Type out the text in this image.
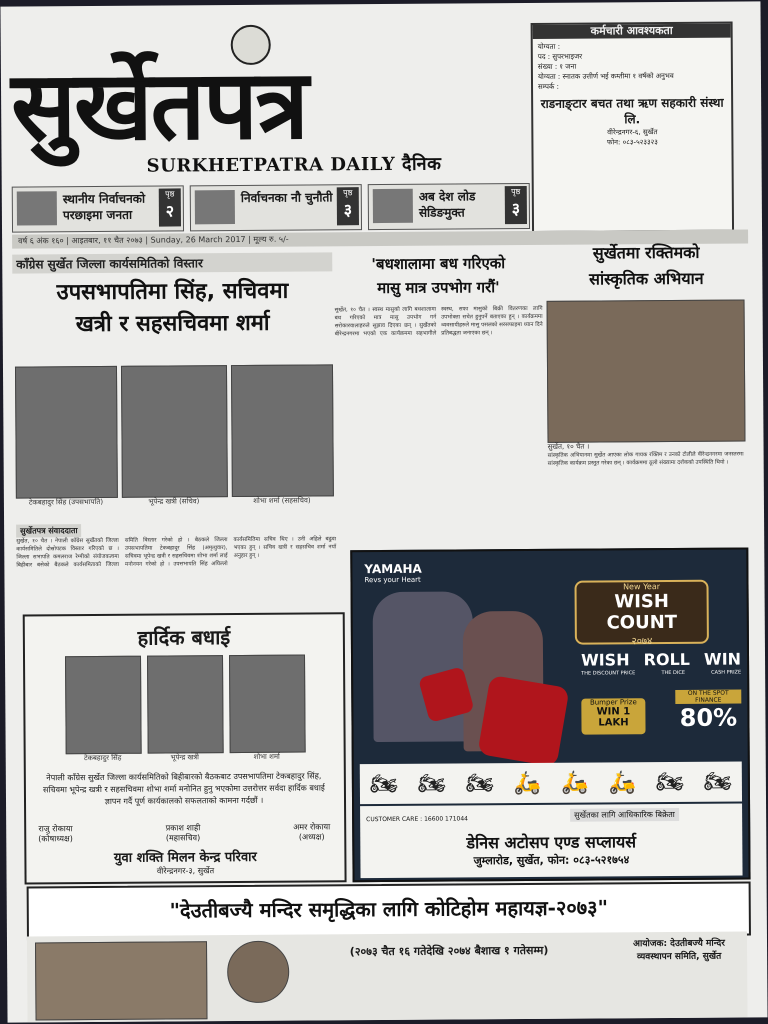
सुर्खेतपत्र
SURKHETPATRA DAILY दैनिक
कर्मचारी आवश्यकता
योग्यता :
पद : सुपरभाइजर
संख्या : १ जना
योग्यता : स्नातक उत्तीर्ण भई कम्तीमा १ वर्षको अनुभव
सम्पर्क :
राडनाङ्टार बचत तथा ऋण सहकारी संस्था लि.
वीरेन्द्रनगर-६, सुर्खेत
फोन: ०८३-५२३३२३
स्थानीय निर्वाचनको परछाइमा जनता
पृष्ठ
२
निर्वाचनका नौ चुनौती	पृष्ठ
३
अब देश लोड सेडिङमुक्त
पृष्ठ
३
वर्ष ६ अंक १६० | आइतबार, ११ चैत २०७३ | Sunday, 26 March 2017 | मूल्य रु. ५/-
काँग्रेस सुर्खेत जिल्ला कार्यसमितिको विस्तार
उपसभापतिमा सिंह, सचिवमा
खत्री र सहसचिवमा शर्मा
टेकबहादुर सिंह (उपसभापति)	भूपेन्द्र खत्री (सचिव)	शोभा शर्मा (सहसचिव)
सुर्खेतपत्र संवाददाता
सुर्खेत, १० चैत । नेपाली काँग्रेस सुर्खेतको जिल्ला कार्यसमितिले दोस्रोपटक विस्तार गरिएको छ । जिल्ला सभापति कमलराज रेग्मीको संयोजकत्वमा बिहीबार बसेको बैठकले कार्यसमिताको जिल्ला समिति विस्तार गरेको हो । बैठकले जिल्ला उपसभापतिमा टेकबहादुर सिंह (अमृत्युवार), सचिवमा भूपेन्द्र खत्री र सहसचिवमा शोभा शर्मा लाई मनोनयन गरेको हो । उपसभापति सिंह अघिल्लो कार्यसमितिमा सचिव थिए । उनी अहिले बढुवा भएका हुन् । सचिव खत्री र सहसचिव शर्मा नयाँ अनुहार हुन् ।
'बधशालामा बध गरिएको
मासु मात्र उपभोग गरौं'
सुर्खेत, १० चैत । स्वस्थ मासुको लागि बधशालामा बध गरिएको मात्र मासु उपभोग गर्न सरोकारवालाहरुले सुझाव दिएका छन् । सुर्खेतको बीरेन्द्रनगरमा भएको एक कार्यक्रममा सहभागीले स्वस्थ, सफा मासुको बिक्री वितरणका लागि उपभोक्ता सचेत हुनुपर्ने बताएका हुन् । कार्यक्रममा व्यवसायीहरुले मासु पसलको सरसफाइमा ध्यान दिने प्रतिबद्धता जनाएका छन् ।
सुर्खेतमा रक्तिमको
सांस्कृतिक अभियान
सुर्खेत, १० चैत ।
सांस्कृतिक अभियानमा सुर्खेत आएका लोक गायक रक्तिम र उनको टोलीले वीरेन्द्रनगरमा जनस्तरमा सांस्कृतिक कार्यक्रम प्रस्तुत गरेका छन् । कार्यक्रममा ठूलो संख्यामा दर्शकको उपस्थिति थियो ।
हार्दिक बधाई
टेकबहादुर सिंह	भूपेन्द्र खत्री	शोभा शर्मा
नेपाली काँग्रेस सुर्खेत जिल्ला कार्यसमितिको बिहीबारको बैठकबाट उपसभापतिमा टेकबहादुर सिंह, सचिवमा भूपेन्द्र खत्री र सहसचिवमा शोभा शर्मा मनोनित हुनु भएकोमा उत्तरोत्तर सर्वदा हार्दिक बधाई ज्ञापन गर्दै पूर्ण कार्यकालको सफलताको कामना गर्दछौं ।
राजु रोकाया
(कोषाध्यक्ष)
प्रकाश शाही
(महासचिव)
अमर रोकाया
(अध्यक्ष)
युवा शक्ति मिलन केन्द्र परिवार
वीरेन्द्रनगर-३, सुर्खेत
YAMAHA
Revs your Heart
New Year
WISH COUNT
२०७४
WISH ROLL WIN
THE DISCOUNT PRICE	THE DICE	CASH PRIZE
Bumper Prize
WIN 1 LAKH
ON THE SPOT FINANCE
80%
🏍 🏍 🏍 🛵 🛵 🛵 🏍 🏍
CUSTOMER CARE : 16600 171044	सुर्खेतका लागि आधिकारिक बिक्रेता
डेनिस अटोसप एण्ड सप्लायर्स
जुम्लारोड, सुर्खेत, फोन: ०८३-५२१७५४
"देउतीबज्यै मन्दिर समृद्धिका लागि कोटिहोम महायज्ञ-२०७३"
(२०७३ चैत १६ गतेदेखि २०७४ बैशाख १ गतेसम्म)	आयोजक: देउतीबज्यै मन्दिर व्यवस्थापन समिति, सुर्खेत
